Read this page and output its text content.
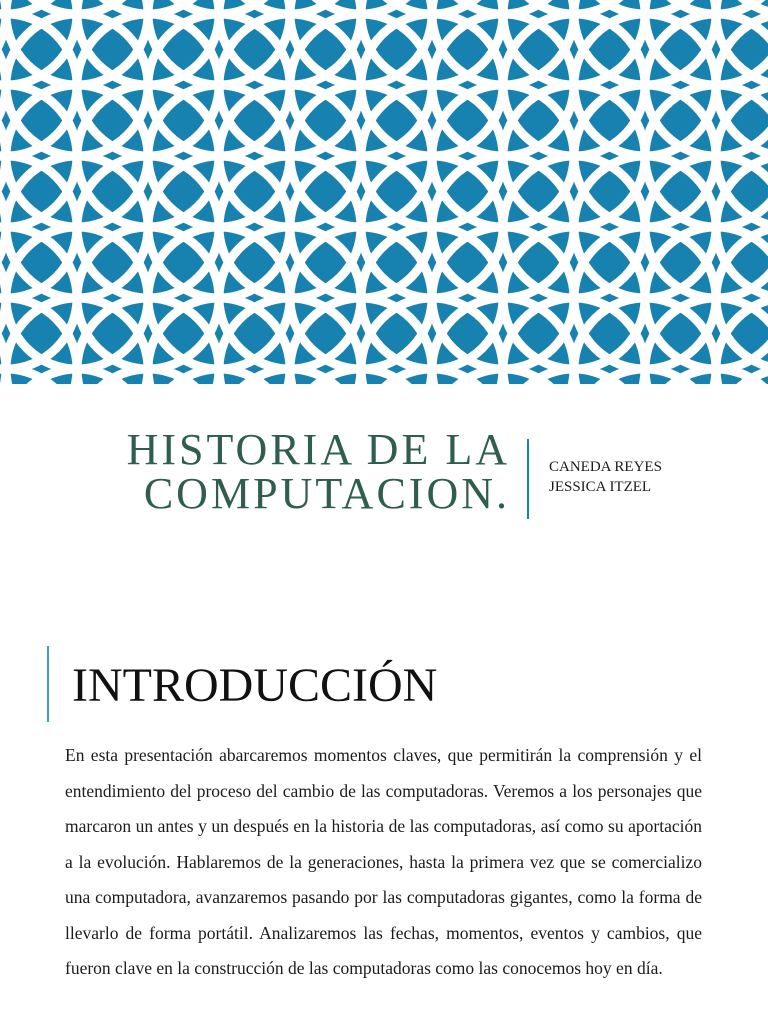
HISTORIA DE LA
COMPUTACION.
CANEDA REYES
JESSICA ITZEL
INTRODUCCIÓN
En esta presentación abarcaremos momentos claves, que permitirán la comprensión y el entendimiento del proceso del cambio de las computadoras. Veremos a los personajes que marcaron un antes y un después en la historia de las computadoras, así como su aportación a la evolución. Hablaremos de la generaciones, hasta la primera vez que se comercializo una computadora, avanzaremos pasando por las computadoras gigantes, como la forma de llevarlo de forma portátil. Analizaremos las fechas, momentos, eventos y cambios, que fueron clave en la construcción de las computadoras como las conocemos hoy en día.
